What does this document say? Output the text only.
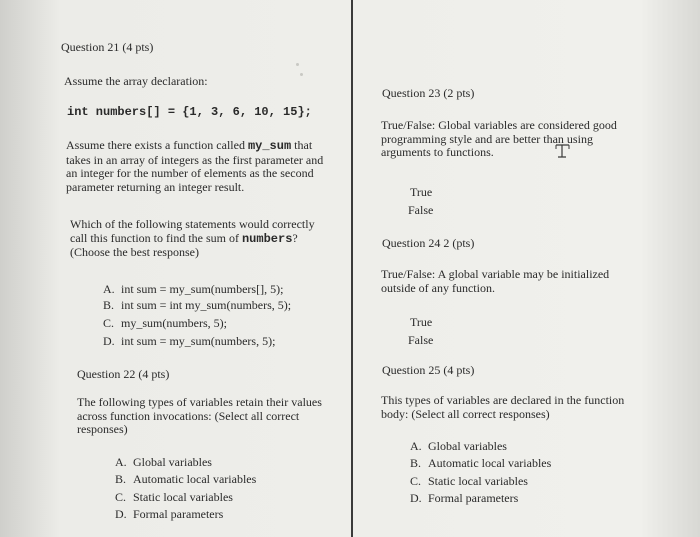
Question 21 (4 pts)
Assume the array declaration:
int numbers[] = {1, 3, 6, 10, 15};
Assume there exists a function called my_sum that
takes in an array of integers as the first parameter and
an integer for the number of elements as the second
parameter returning an integer result.
Which of the following statements would correctly
call this function to find the sum of numbers?
(Choose the best response)
A. int sum = my_sum(numbers[], 5);
B. int sum = int my_sum(numbers, 5);
C. my_sum(numbers, 5);
D. int sum = my_sum(numbers, 5);
Question 22 (4 pts)
The following types of variables retain their values
across function invocations: (Select all correct
responses)
A. Global variables
B. Automatic local variables
C. Static local variables
D. Formal parameters
Question 23 (2 pts)
True/False: Global variables are considered good
programming style and are better than using
arguments to functions.
True
False
Question 24 2 (pts)
True/False: A global variable may be initialized
outside of any function.
True
False
Question 25 (4 pts)
This types of variables are declared in the function
body: (Select all correct responses)
A. Global variables
B. Automatic local variables
C. Static local variables
D. Formal parameters
